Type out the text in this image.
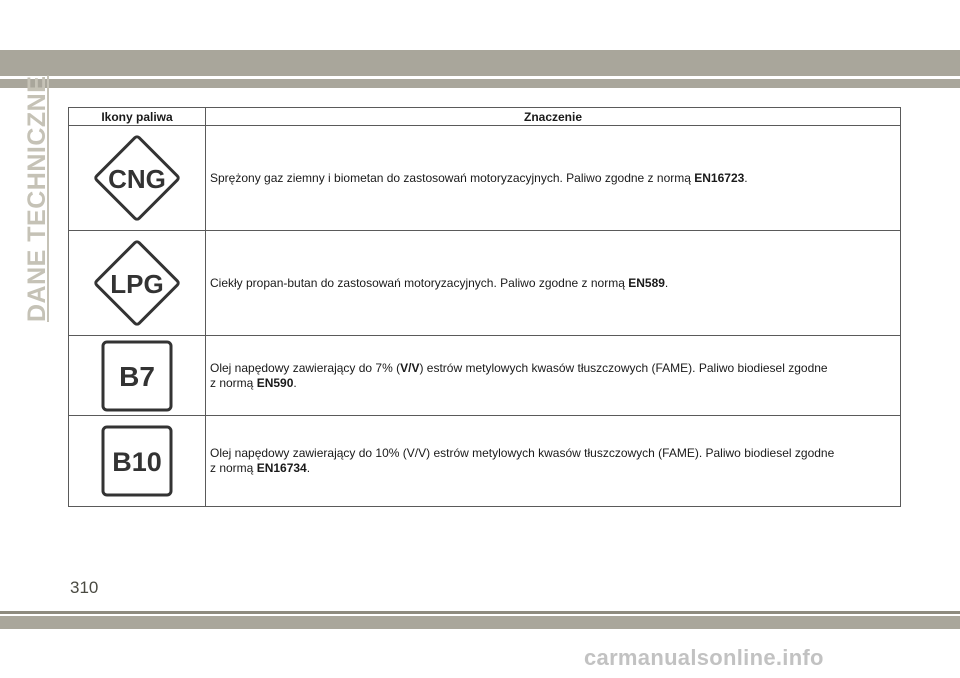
DANE TECHNICZNE	Ikony paliwa	Znaczenie

CNG	Sprężony gaz ziemny i biometan do zastosowań motoryzacyjnych. Paliwo zgodne z normą EN16723.

LPG	Ciekły propan-butan do zastosowań motoryzacyjnych. Paliwo zgodne z normą EN589.

B7	Olej napędowy zawierający do 7% (V/V) estrów metylowych kwasów tłuszczowych (FAME). Paliwo biodiesel zgodne
z normą EN590.

B10	Olej napędowy zawierający do 10% (V/V) estrów metylowych kwasów tłuszczowych (FAME). Paliwo biodiesel zgodne
z normą EN16734.
310
carmanualsonline.info
